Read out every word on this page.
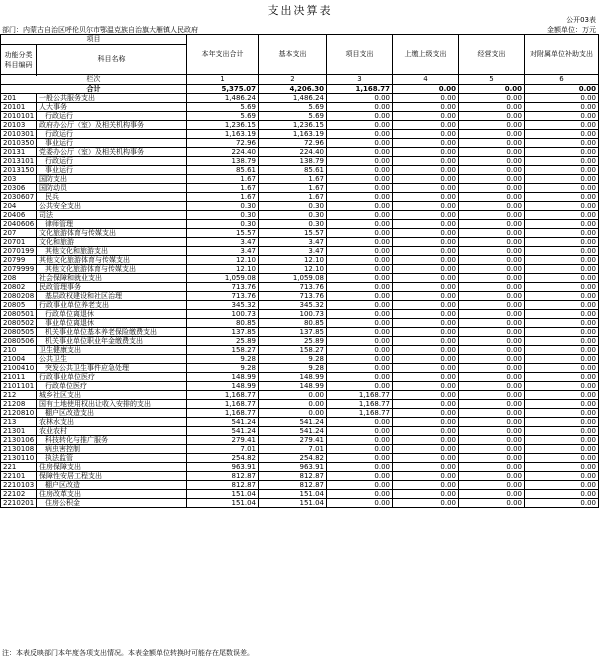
支出决算表
公开03表
部门：内蒙古自治区呼伦贝尔市鄂温克族自治旗大雁镇人民政府	金额单位：万元
项目		本年支出合计	基本支出	项目支出	上缴上级支出	经营支出	对附属单位补助支出
功能分类科目编码	科目名称						

栏次		1	2	3	4	5	6
合计		5,375.07	4,206.30	1,168.77	0.00	0.00	0.00
201	一般公共服务支出	1,486.24	1,486.24	0.00	0.00	0.00	0.00
20101	人大事务	5.69	5.69	0.00	0.00	0.00	0.00
2010101	行政运行	5.69	5.69	0.00	0.00	0.00	0.00
20103	政府办公厅（室）及相关机构事务	1,236.15	1,236.15	0.00	0.00	0.00	0.00
2010301	行政运行	1,163.19	1,163.19	0.00	0.00	0.00	0.00
2010350	事业运行	72.96	72.96	0.00	0.00	0.00	0.00
20131	党委办公厅（室）及相关机构事务	224.40	224.40	0.00	0.00	0.00	0.00
2013101	行政运行	138.79	138.79	0.00	0.00	0.00	0.00
2013150	事业运行	85.61	85.61	0.00	0.00	0.00	0.00
203	国防支出	1.67	1.67	0.00	0.00	0.00	0.00
20306	国防动员	1.67	1.67	0.00	0.00	0.00	0.00
2030607	民兵	1.67	1.67	0.00	0.00	0.00	0.00
204	公共安全支出	0.30	0.30	0.00	0.00	0.00	0.00
20406	司法	0.30	0.30	0.00	0.00	0.00	0.00
2040606	律师管理	0.30	0.30	0.00	0.00	0.00	0.00
207	文化旅游体育与传媒支出	15.57	15.57	0.00	0.00	0.00	0.00
20701	文化和旅游	3.47	3.47	0.00	0.00	0.00	0.00
2070199	其他文化和旅游支出	3.47	3.47	0.00	0.00	0.00	0.00
20799	其他文化旅游体育与传媒支出	12.10	12.10	0.00	0.00	0.00	0.00
2079999	其他文化旅游体育与传媒支出	12.10	12.10	0.00	0.00	0.00	0.00
208	社会保障和就业支出	1,059.08	1,059.08	0.00	0.00	0.00	0.00
20802	民政管理事务	713.76	713.76	0.00	0.00	0.00	0.00
2080208	基层政权建设和社区治理	713.76	713.76	0.00	0.00	0.00	0.00
20805	行政事业单位养老支出	345.32	345.32	0.00	0.00	0.00	0.00
2080501	行政单位离退休	100.73	100.73	0.00	0.00	0.00	0.00
2080502	事业单位离退休	80.85	80.85	0.00	0.00	0.00	0.00
2080505	机关事业单位基本养老保险缴费支出	137.85	137.85	0.00	0.00	0.00	0.00
2080506	机关事业单位职业年金缴费支出	25.89	25.89	0.00	0.00	0.00	0.00
210	卫生健康支出	158.27	158.27	0.00	0.00	0.00	0.00
21004	公共卫生	9.28	9.28	0.00	0.00	0.00	0.00
2100410	突发公共卫生事件应急处理	9.28	9.28	0.00	0.00	0.00	0.00
21011	行政事业单位医疗	148.99	148.99	0.00	0.00	0.00	0.00
2101101	行政单位医疗	148.99	148.99	0.00	0.00	0.00	0.00
212	城乡社区支出	1,168.77	0.00	1,168.77	0.00	0.00	0.00
21208	国有土地使用权出让收入安排的支出	1,168.77	0.00	1,168.77	0.00	0.00	0.00
2120810	棚户区改造支出	1,168.77	0.00	1,168.77	0.00	0.00	0.00
213	农林水支出	541.24	541.24	0.00	0.00	0.00	0.00
21301	农业农村	541.24	541.24	0.00	0.00	0.00	0.00
2130106	科技转化与推广服务	279.41	279.41	0.00	0.00	0.00	0.00
2130108	病虫害控制	7.01	7.01	0.00	0.00	0.00	0.00
2130110	执法监管	254.82	254.82	0.00	0.00	0.00	0.00
221	住房保障支出	963.91	963.91	0.00	0.00	0.00	0.00
22101	保障性安居工程支出	812.87	812.87	0.00	0.00	0.00	0.00
2210103	棚户区改造	812.87	812.87	0.00	0.00	0.00	0.00
22102	住房改革支出	151.04	151.04	0.00	0.00	0.00	0.00
2210201	住房公积金	151.04	151.04	0.00	0.00	0.00	0.00
注：本表反映部门本年度各项支出情况。本表金额单位转换时可能存在尾数误差。
